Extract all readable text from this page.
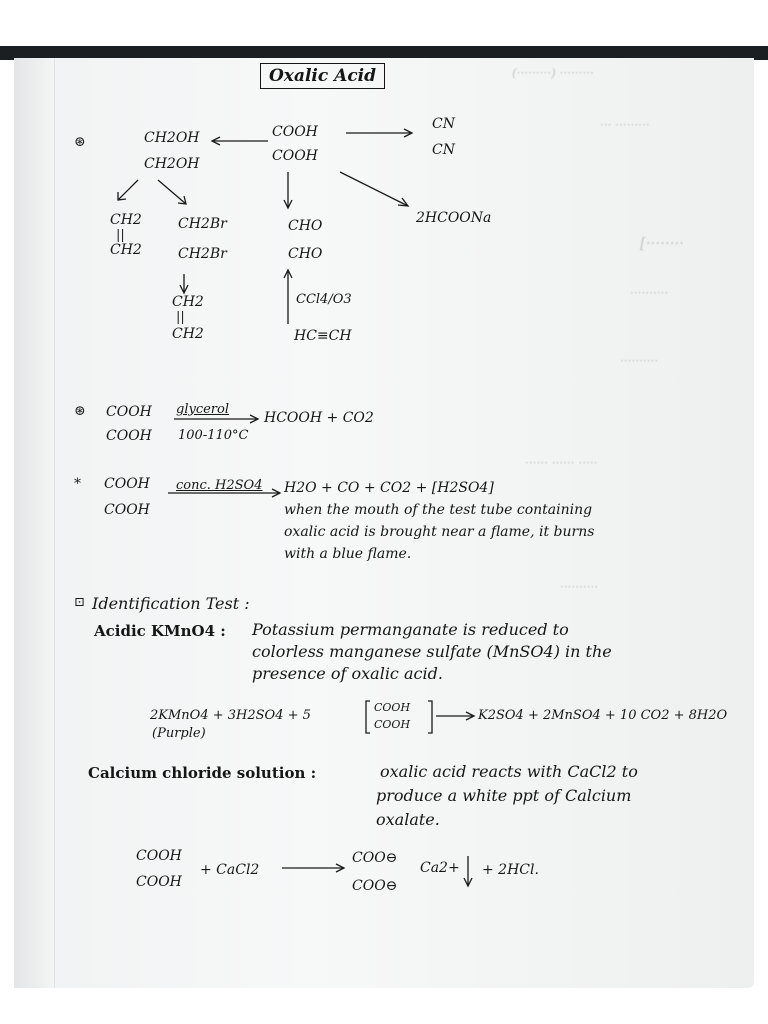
(·········) ·········
··· ·········
[········
··········
··········
······ ······ ·····
··········
Oxalic Acid
⊛	CH2OH
CH2OH
COOH
COOH
CN
CN
CH2
||
CH2
CH2Br
CH2Br
CH2
||
CH2
CHO
CHO
CCl4/O3
HC≡CH
2HCOONa
⊛ COOH
COOH
glycerol
100-110°C
HCOOH + CO2
* COOH
COOH
conc. H2SO4 H2O + CO + CO2 + [H2SO4]
when the mouth of the test tube containing
oxalic acid is brought near a flame, it burns
with a blue flame.
⊡ Identification Test :
Acidic KMnO4 : Potassium permanganate is reduced to
colorless manganese sulfate (MnSO4) in the
presence of oxalic acid.
2KMnO4 + 3H2SO4 + 5
COOH
COOH
K2SO4 + 2MnSO4 + 10 CO2 + 8H2O
(Purple)
Calcium chloride solution :	oxalic acid reacts with CaCl2 to
produce a white ppt of Calcium
oxalate.
COOH
COOH
+ CaCl2
COO⊖
COO⊖
Ca2+ + 2HCl.
